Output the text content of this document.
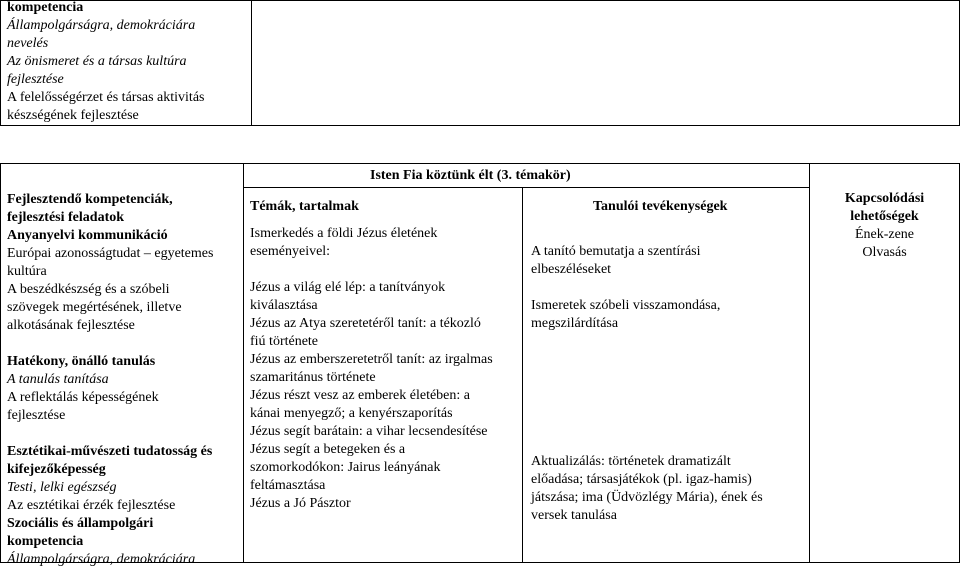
kompetencia
Állampolgárságra, demokráciára
nevelés
Az önismeret és a társas kultúra
fejlesztése
A felelősségérzet és társas aktivitás
készségének fejlesztése
Isten Fia köztünk élt (3. témakör)
Fejlesztendő kompetenciák,
fejlesztési feladatok
Anyanyelvi kommunikáció
Európai azonosságtudat – egyetemes
kultúra
A beszédkészség és a szóbeli
szövegek megértésének, illetve
alkotásának fejlesztése
Hatékony, önálló tanulás
A tanulás tanítása
A reflektálás képességének
fejlesztése
Esztétikai-művészeti tudatosság és
kifejezőképesség
Testi, lelki egészség
Az esztétikai érzék fejlesztése
Szociális és állampolgári
kompetencia
Állampolgárságra, demokráciára
Témák, tartalmak
Ismerkedés a földi Jézus életének
eseményeivel:
Jézus a világ elé lép: a tanítványok
kiválasztása
Jézus az Atya szeretetéről tanít: a tékozló
fiú története
Jézus az emberszeretetről tanít: az irgalmas
szamaritánus története
Jézus részt vesz az emberek életében: a
kánai menyegző; a kenyérszaporítás
Jézus segít barátain: a vihar lecsendesítése
Jézus segít a betegeken és a
szomorkodókon: Jairus leányának
feltámasztása
Jézus a Jó Pásztor
Tanulói tevékenységek
A tanító bemutatja a szentírási
elbeszéléseket
Ismeretek szóbeli visszamondása,
megszilárdítása
Aktualizálás: történetek dramatizált
előadása; társasjátékok (pl. igaz-hamis)
játszása; ima (Üdvözlégy Mária), ének és
versek tanulása
Kapcsolódási
lehetőségek
Ének-zene
Olvasás
